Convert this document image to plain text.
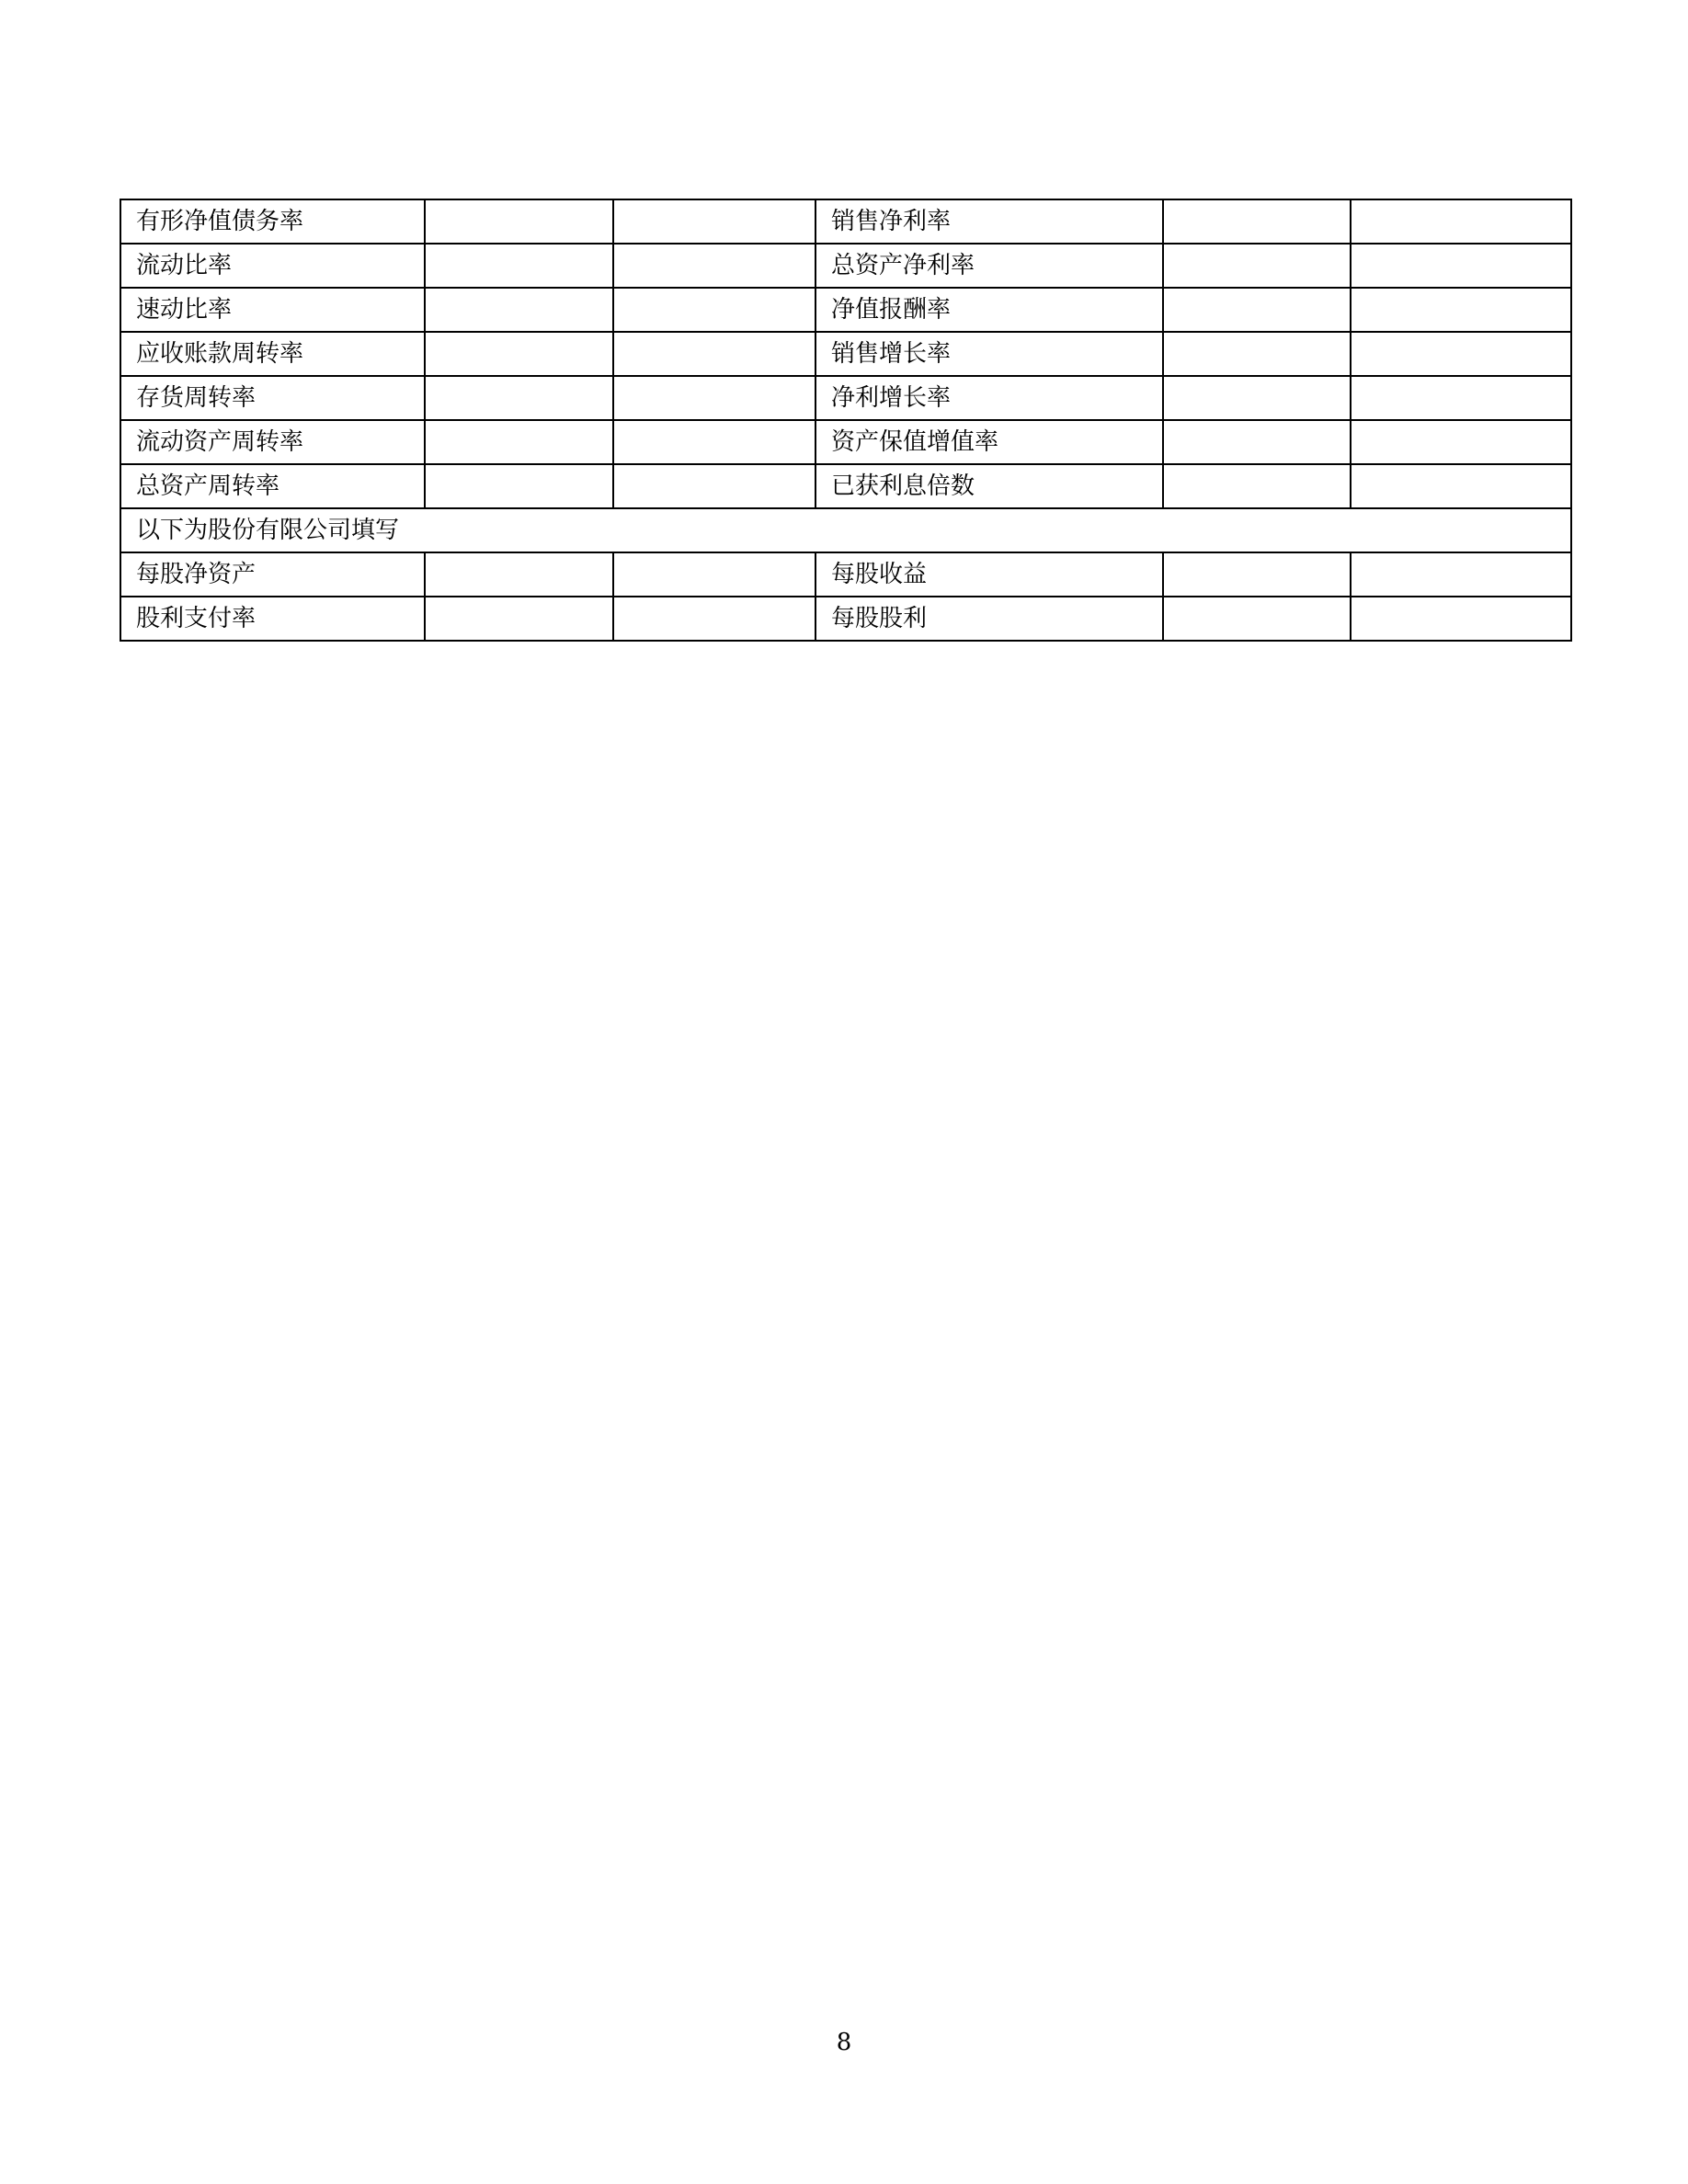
有形净值债务率			销售净利率		
流动比率			总资产净利率		
速动比率			净值报酬率		
应收账款周转率			销售增长率		
存货周转率			净利增长率		
流动资产周转率			资产保值增值率		
总资产周转率			已获利息倍数		
以下为股份有限公司填写					
每股净资产			每股收益		
股利支付率			每股股利		
8
